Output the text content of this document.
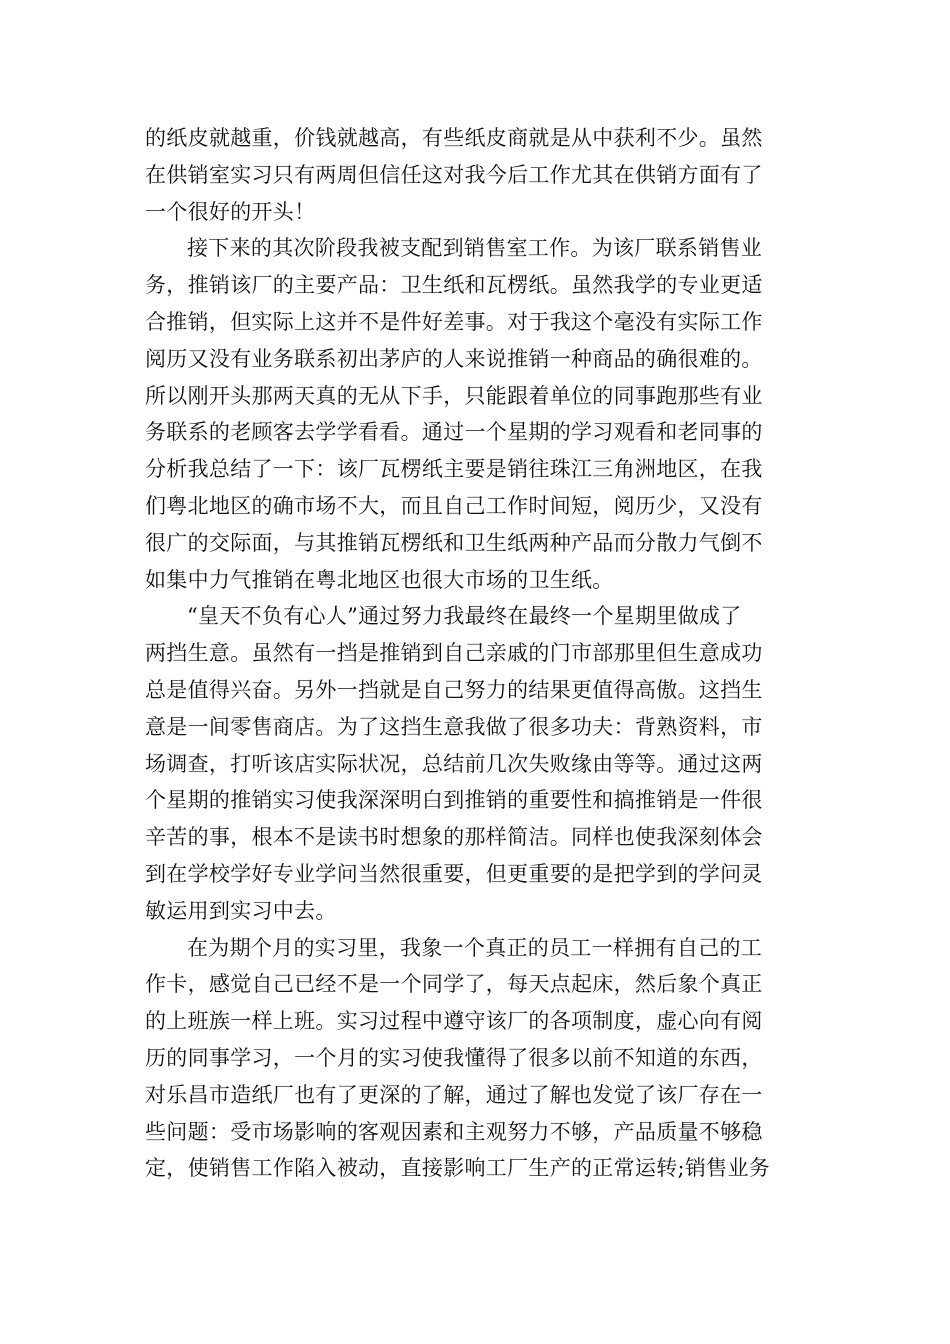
的纸皮就越重，价钱就越高，有些纸皮商就是从中获利不少。虽然
在供销室实习只有两周但信任这对我今后工作尤其在供销方面有了
一个很好的开头！
接下来的其次阶段我被支配到销售室工作。为该厂联系销售业
务，推销该厂的主要产品：卫生纸和瓦楞纸。虽然我学的专业更适
合推销，但实际上这并不是件好差事。对于我这个毫没有实际工作
阅历又没有业务联系初出茅庐的人来说推销一种商品的确很难的。
所以刚开头那两天真的无从下手，只能跟着单位的同事跑那些有业
务联系的老顾客去学学看看。通过一个星期的学习观看和老同事的
分析我总结了一下：该厂瓦楞纸主要是销往珠江三角洲地区，在我
们粤北地区的确市场不大，而且自己工作时间短，阅历少，又没有
很广的交际面，与其推销瓦楞纸和卫生纸两种产品而分散力气倒不
如集中力气推销在粤北地区也很大市场的卫生纸。
“皇天不负有心人”通过努力我最终在最终一个星期里做成了
两挡生意。虽然有一挡是推销到自己亲戚的门市部那里但生意成功
总是值得兴奋。另外一挡就是自己努力的结果更值得高傲。这挡生
意是一间零售商店。为了这挡生意我做了很多功夫：背熟资料，市
场调查，打听该店实际状况，总结前几次失败缘由等等。通过这两
个星期的推销实习使我深深明白到推销的重要性和搞推销是一件很
辛苦的事，根本不是读书时想象的那样简洁。同样也使我深刻体会
到在学校学好专业学问当然很重要，但更重要的是把学到的学问灵
敏运用到实习中去。
在为期个月的实习里，我象一个真正的员工一样拥有自己的工
作卡，感觉自己已经不是一个同学了，每天点起床，然后象个真正
的上班族一样上班。实习过程中遵守该厂的各项制度，虚心向有阅
历的同事学习，一个月的实习使我懂得了很多以前不知道的东西，
对乐昌市造纸厂也有了更深的了解，通过了解也发觉了该厂存在一
些问题：受市场影响的客观因素和主观努力不够，产品质量不够稳
定，使销售工作陷入被动，直接影响工厂生产的正常运转;销售业务
